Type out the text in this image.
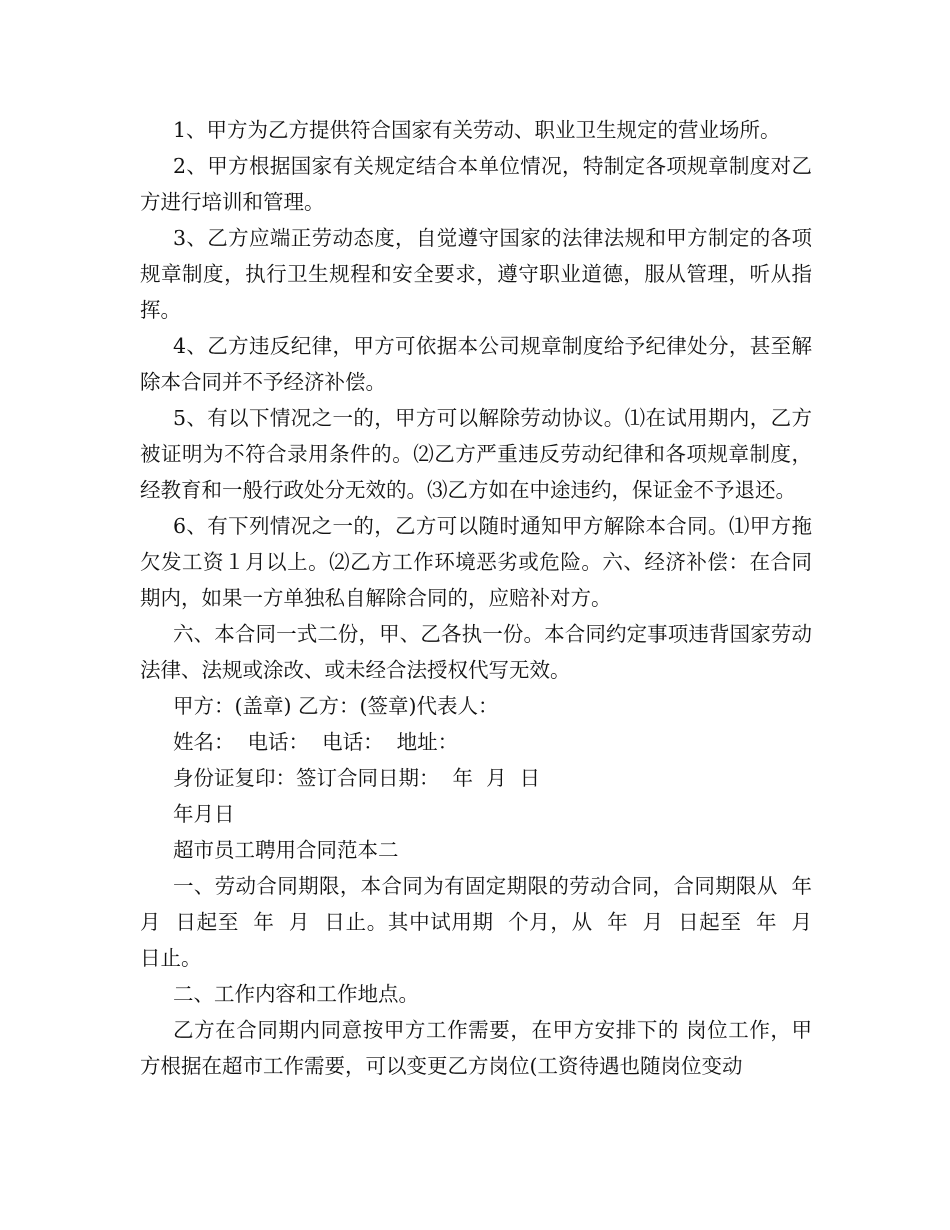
1、甲方为乙方提供符合国家有关劳动、职业卫生规定的营业场所。

2、甲方根据国家有关规定结合本单位情况，特制定各项规章制度对乙方进行培训和管理。

3、乙方应端正劳动态度，自觉遵守国家的法律法规和甲方制定的各项规章制度，执行卫生规程和安全要求，遵守职业道德，服从管理，听从指挥。

4、乙方违反纪律，甲方可依据本公司规章制度给予纪律处分，甚至解除本合同并不予经济补偿。

5、有以下情况之一的，甲方可以解除劳动协议。⑴在试用期内，乙方被证明为不符合录用条件的。⑵乙方严重违反劳动纪律和各项规章制度，经教育和一般行政处分无效的。⑶乙方如在中途违约，保证金不予退还。

6、有下列情况之一的，乙方可以随时通知甲方解除本合同。⑴甲方拖欠发工资１月以上。⑵乙方工作环境恶劣或危险。六、经济补偿：在合同期内，如果一方单独私自解除合同的，应赔补对方。

六、本合同一式二份，甲、乙各执一份。本合同约定事项违背国家劳动法律、法规或涂改、或未经合法授权代写无效。

甲方：(盖章) 乙方：(签章)代表人：

姓名：  电话：  电话：  地址：

身份证复印：签订合同日期：  年  月  日

年月日

超市员工聘用合同范本二

一、劳动合同期限，本合同为有固定期限的劳动合同，合同期限从  年  月  日起至  年  月  日止。其中试用期  个月，从  年  月  日起至  年  月  日止。

二、工作内容和工作地点。

乙方在合同期内同意按甲方工作需要，在甲方安排下的 岗位工作，甲方根据在超市工作需要，可以变更乙方岗位(工资待遇也随岗位变动
